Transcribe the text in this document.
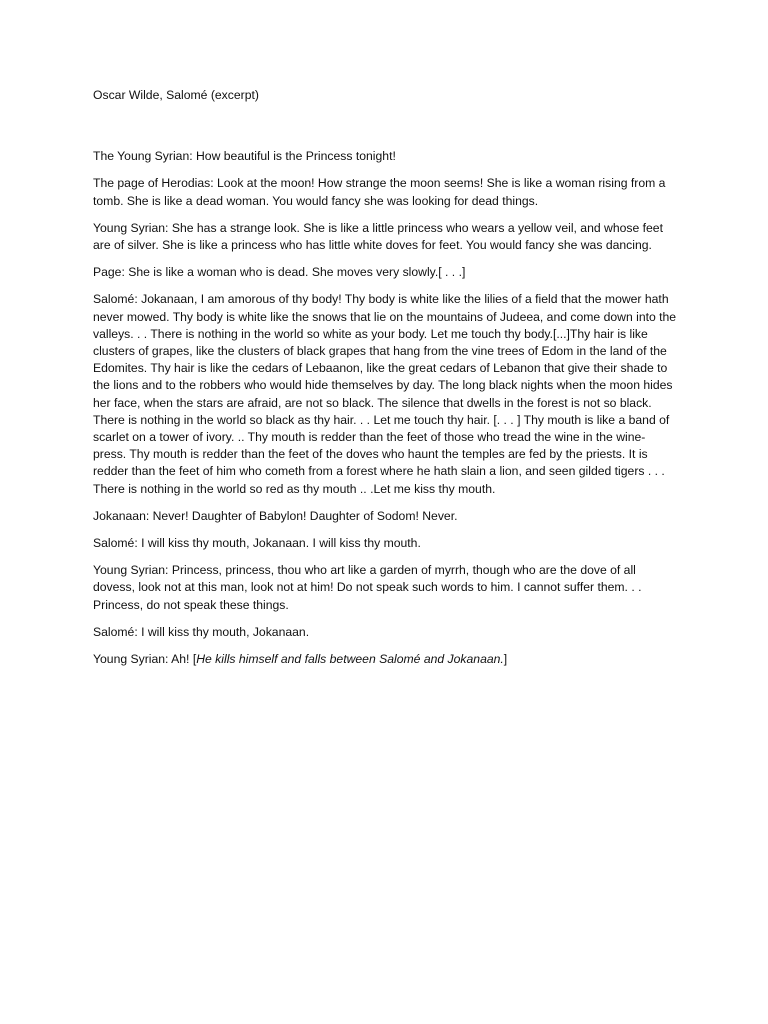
Oscar Wilde, Salomé (excerpt)

The Young Syrian: How beautiful is the Princess tonight!

The page of Herodias: Look at the moon! How strange the moon seems! She is like a woman rising from a tomb. She is like a dead woman. You would fancy she was looking for dead things.

Young Syrian: She has a strange look. She is like a little princess who wears a yellow veil, and whose feet are of silver. She is like a princess who has little white doves for feet. You would fancy she was dancing.

Page: She is like a woman who is dead. She moves very slowly.[ . . .]

Salomé: Jokanaan, I am amorous of thy body! Thy body is white like the lilies of a field that the mower hath never mowed. Thy body is white like the snows that lie on the mountains of Judeea, and come down into the valleys. . . There is nothing in the world so white as your body. Let me touch thy body.[...]Thy hair is like clusters of grapes, like the clusters of black grapes that hang from the vine trees of Edom in the land of the Edomites. Thy hair is like the cedars of Lebaanon, like the great cedars of Lebanon that give their shade to the lions and to the robbers who would hide themselves by day. The long black nights when the moon hides her face, when the stars are afraid, are not so black. The silence that dwells in the forest is not so black. There is nothing in the world so black as thy hair. . . Let me touch thy hair. [. . . ] Thy mouth is like a band of scarlet on a tower of ivory. .. Thy mouth is redder than the feet of those who tread the wine in the wine-press. Thy mouth is redder than the feet of the doves who haunt the temples are fed by the priests. It is redder than the feet of him who cometh from a forest where he hath slain a lion, and seen gilded tigers . . . There is nothing in the world so red as thy mouth .. .Let me kiss thy mouth.

Jokanaan: Never! Daughter of Babylon! Daughter of Sodom! Never.

Salomé: I will kiss thy mouth, Jokanaan. I will kiss thy mouth.

Young Syrian: Princess, princess, thou who art like a garden of myrrh, though who are the dove of all dovess, look not at this man, look not at him! Do not speak such words to him. I cannot suffer them. . . Princess, do not speak these things.

Salomé: I will kiss thy mouth, Jokanaan.

Young Syrian: Ah! [He kills himself and falls between Salomé and Jokanaan.]
